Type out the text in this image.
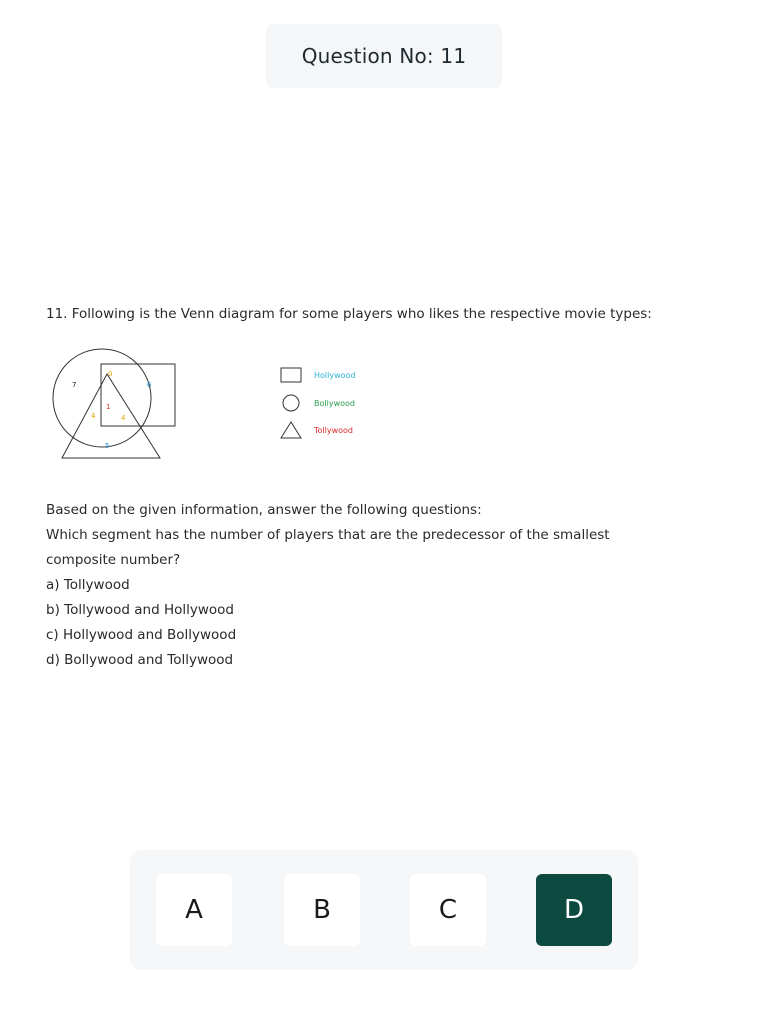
Question No: 11
11. Following is the Venn diagram for some players who likes the respective movie types:
7
0
6
1
4	4
5
Hollywood
Bollywood
Tollywood
Based on the given information, answer the following questions:
Which segment has the number of players that are the predecessor of the smallest
composite number?
a) Tollywood
b) Tollywood and Hollywood
c) Hollywood and Bollywood
d) Bollywood and Tollywood
A	B	C	D
